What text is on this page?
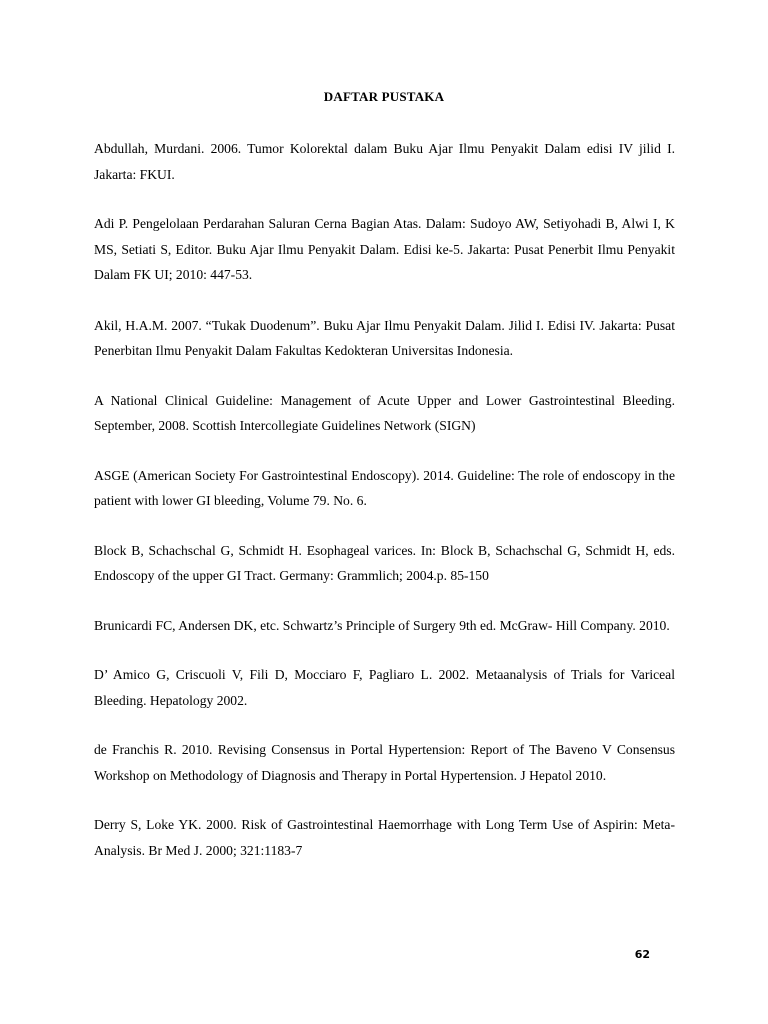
DAFTAR PUSTAKA

Abdullah, Murdani. 2006. Tumor Kolorektal dalam Buku Ajar Ilmu Penyakit Dalam edisi IV jilid I. Jakarta: FKUI.

Adi P. Pengelolaan Perdarahan Saluran Cerna Bagian Atas. Dalam: Sudoyo AW, Setiyohadi B, Alwi I, K MS, Setiati S, Editor. Buku Ajar Ilmu Penyakit Dalam. Edisi ke-5. Jakarta: Pusat Penerbit Ilmu Penyakit Dalam FK UI; 2010: 447-53.

Akil, H.A.M. 2007. “Tukak Duodenum”. Buku Ajar Ilmu Penyakit Dalam. Jilid I. Edisi IV. Jakarta: Pusat Penerbitan Ilmu Penyakit Dalam Fakultas Kedokteran Universitas Indonesia.

A National Clinical Guideline: Management of Acute Upper and Lower Gastrointestinal Bleeding. September, 2008. Scottish Intercollegiate Guidelines Network (SIGN)

ASGE (American Society For Gastrointestinal Endoscopy). 2014. Guideline: The role of endoscopy in the patient with lower GI bleeding, Volume 79. No. 6.

Block B, Schachschal G, Schmidt H. Esophageal varices. In: Block B, Schachschal G, Schmidt H, eds. Endoscopy of the upper GI Tract. Germany: Grammlich; 2004.p. 85-150

Brunicardi FC, Andersen DK, etc. Schwartz’s Principle of Surgery 9th ed. McGraw- Hill Company. 2010.

D’ Amico G, Criscuoli V, Fili D, Mocciaro F, Pagliaro L. 2002. Metaanalysis of Trials for Variceal Bleeding. Hepatology 2002.

de Franchis R. 2010. Revising Consensus in Portal Hypertension: Report of The Baveno V Consensus Workshop on Methodology of Diagnosis and Therapy in Portal Hypertension. J Hepatol 2010.

Derry S, Loke YK. 2000. Risk of Gastrointestinal Haemorrhage with Long Term Use of Aspirin: Meta-Analysis. Br Med J. 2000; 321:1183-7

62
